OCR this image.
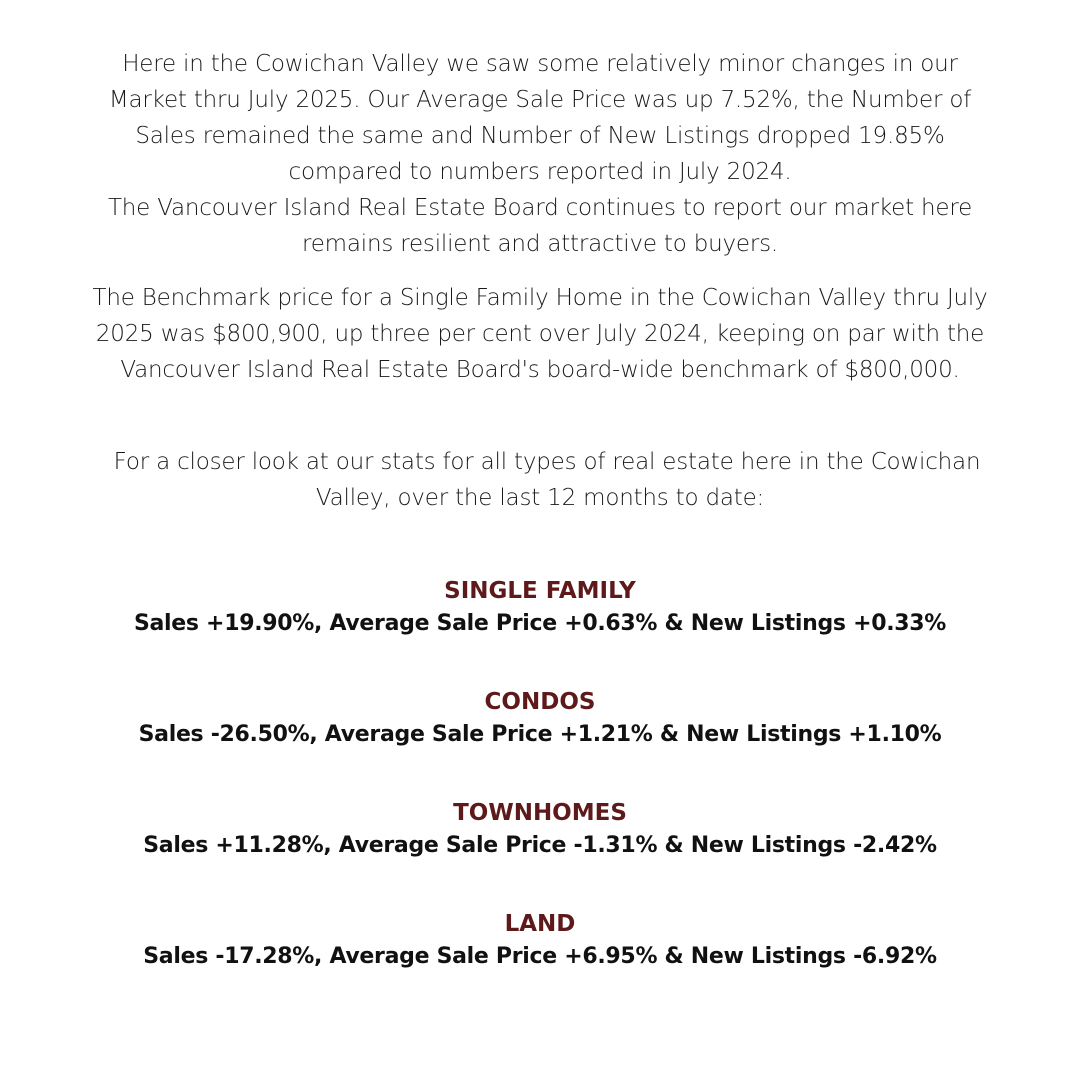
Here in the Cowichan Valley we saw some relatively minor changes in our
Market thru July 2025. Our Average Sale Price was up 7.52%, the Number of
Sales remained the same and Number of New Listings dropped 19.85%
compared to numbers reported in July 2024.
The Vancouver Island Real Estate Board continues to report our market here
remains resilient and attractive to buyers.
The Benchmark price for a Single Family Home in the Cowichan Valley thru July
2025 was $800,900, up three per cent over July 2024, keeping on par with the
Vancouver Island Real Estate Board's board-wide benchmark of $800,000.
For a closer look at our stats for all types of real estate here in the Cowichan
Valley, over the last 12 months to date:
SINGLE FAMILY
Sales +19.90%, Average Sale Price +0.63% & New Listings +0.33%
CONDOS
Sales -26.50%, Average Sale Price +1.21% & New Listings +1.10%
TOWNHOMES
Sales +11.28%, Average Sale Price -1.31% & New Listings -2.42%
LAND
Sales -17.28%, Average Sale Price +6.95% & New Listings -6.92%
